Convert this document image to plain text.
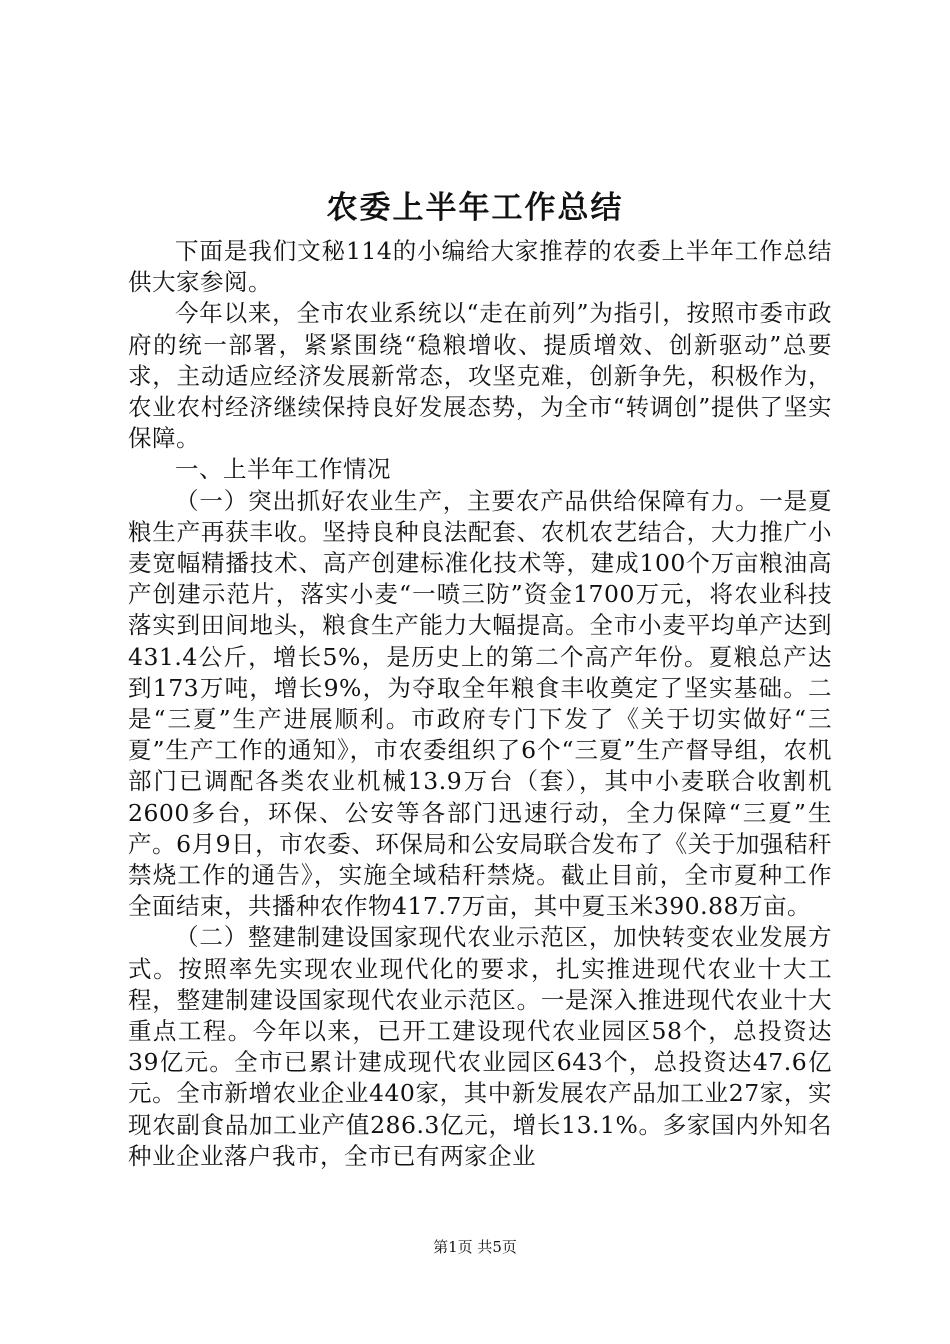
农委上半年工作总结

下面是我们文秘114的小编给大家推荐的农委上半年工作总结供大家参阅。

今年以来，全市农业系统以“走在前列”为指引，按照市委市政府的统一部署，紧紧围绕“稳粮增收、提质增效、创新驱动”总要求，主动适应经济发展新常态，攻坚克难，创新争先，积极作为，农业农村经济继续保持良好发展态势，为全市“转调创”提供了坚实保障。

一、上半年工作情况

（一）突出抓好农业生产，主要农产品供给保障有力。一是夏粮生产再获丰收。坚持良种良法配套、农机农艺结合，大力推广小麦宽幅精播技术、高产创建标准化技术等，建成100个万亩粮油高产创建示范片，落实小麦“一喷三防”资金1700万元，将农业科技落实到田间地头，粮食生产能力大幅提高。全市小麦平均单产达到431.4公斤，增长5%，是历史上的第二个高产年份。夏粮总产达到173万吨，增长9%，为夺取全年粮食丰收奠定了坚实基础。二是“三夏”生产进展顺利。市政府专门下发了《关于切实做好“三夏”生产工作的通知》，市农委组织了6个“三夏”生产督导组，农机部门已调配各类农业机械13.9万台（套），其中小麦联合收割机2600多台，环保、公安等各部门迅速行动，全力保障“三夏”生产。6月9日，市农委、环保局和公安局联合发布了《关于加强秸秆禁烧工作的通告》，实施全域秸秆禁烧。截止目前，全市夏种工作全面结束，共播种农作物417.7万亩，其中夏玉米390.88万亩。

（二）整建制建设国家现代农业示范区，加快转变农业发展方式。按照率先实现农业现代化的要求，扎实推进现代农业十大工程，整建制建设国家现代农业示范区。一是深入推进现代农业十大重点工程。今年以来，已开工建设现代农业园区58个，总投资达39亿元。全市已累计建成现代农业园区643个，总投资达47.6亿元。全市新增农业企业440家，其中新发展农产品加工业27家，实现农副食品加工业产值286.3亿元，增长13.1%。多家国内外知名种业企业落户我市，全市已有两家企业

第1页 共5页
